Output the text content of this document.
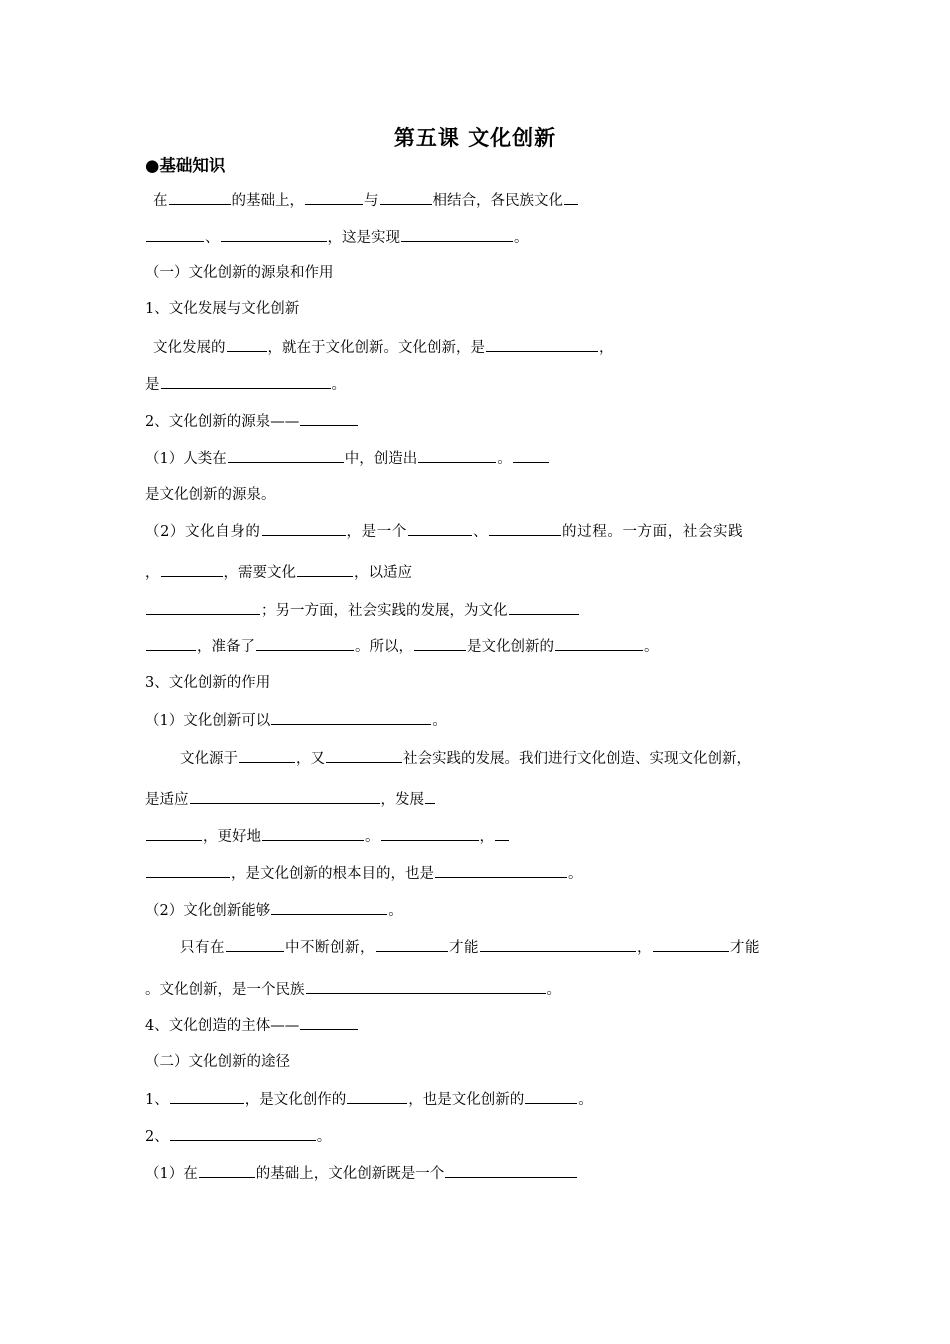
第五课 文化创新
●基础知识
在	的基础上，	与	相结合，各民族文化
、	，这是实现	。
（一）文化创新的源泉和作用
1、文化发展与文化创新
文化发展的	，就在于文化创新。文化创新，是	，
是	。
2、文化创新的源泉——
（1）人类在	中，创造出	。
是文化创新的源泉。
（2）文化自身的	，是一个	、	的过程。一方面，社会实践
，	，需要文化	，以适应
；另一方面，社会实践的发展，为文化
，准备了	。所以，	是文化创新的	。
3、文化创新的作用
（1）文化创新可以	。
文化源于	，又	社会实践的发展。我们进行文化创造、实现文化创新，
是适应	，发展
，更好地	。	，
，是文化创新的根本目的，也是	。
（2）文化创新能够	。
只有在	中不断创新，	才能	，	才能
。文化创新，是一个民族	。
4、文化创造的主体——
（二）文化创新的途径
1、	，是文化创作的	，也是文化创新的	。
2、	。
（1）在	的基础上，文化创新既是一个
